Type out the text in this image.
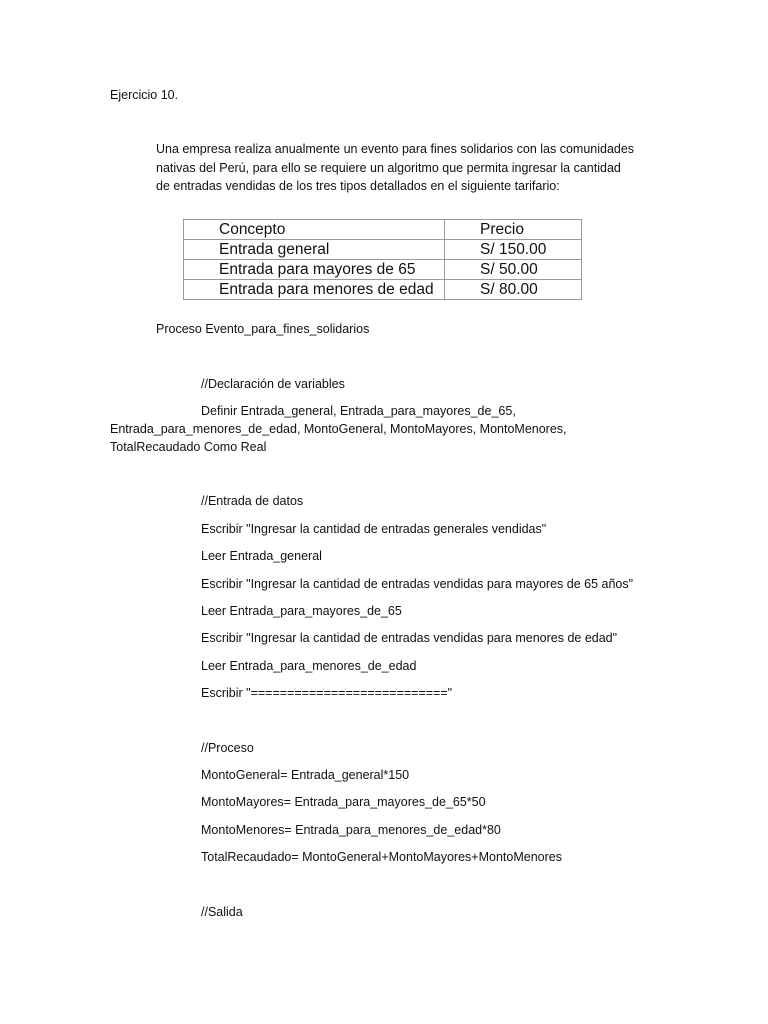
Ejercicio 10.
Una empresa realiza anualmente un evento para fines solidarios con las comunidades
nativas del Perú, para ello se requiere un algoritmo que permita ingresar la cantidad
de entradas vendidas de los tres tipos detallados en el siguiente tarifario:
Concepto	Precio
Entrada general	S/ 150.00
Entrada para mayores de 65	S/ 50.00
Entrada para menores de edad	S/ 80.00
Proceso Evento_para_fines_solidarios
//Declaración de variables
Definir Entrada_general, Entrada_para_mayores_de_65,
Entrada_para_menores_de_edad, MontoGeneral, MontoMayores, MontoMenores,
TotalRecaudado Como Real
//Entrada de datos
Escribir "Ingresar la cantidad de entradas generales vendidas"
Leer Entrada_general
Escribir "Ingresar la cantidad de entradas vendidas para mayores de 65 años"
Leer Entrada_para_mayores_de_65
Escribir "Ingresar la cantidad de entradas vendidas para menores de edad"
Leer Entrada_para_menores_de_edad
Escribir "==========================="
//Proceso
MontoGeneral= Entrada_general*150
MontoMayores= Entrada_para_mayores_de_65*50
MontoMenores= Entrada_para_menores_de_edad*80
TotalRecaudado= MontoGeneral+MontoMayores+MontoMenores
//Salida
